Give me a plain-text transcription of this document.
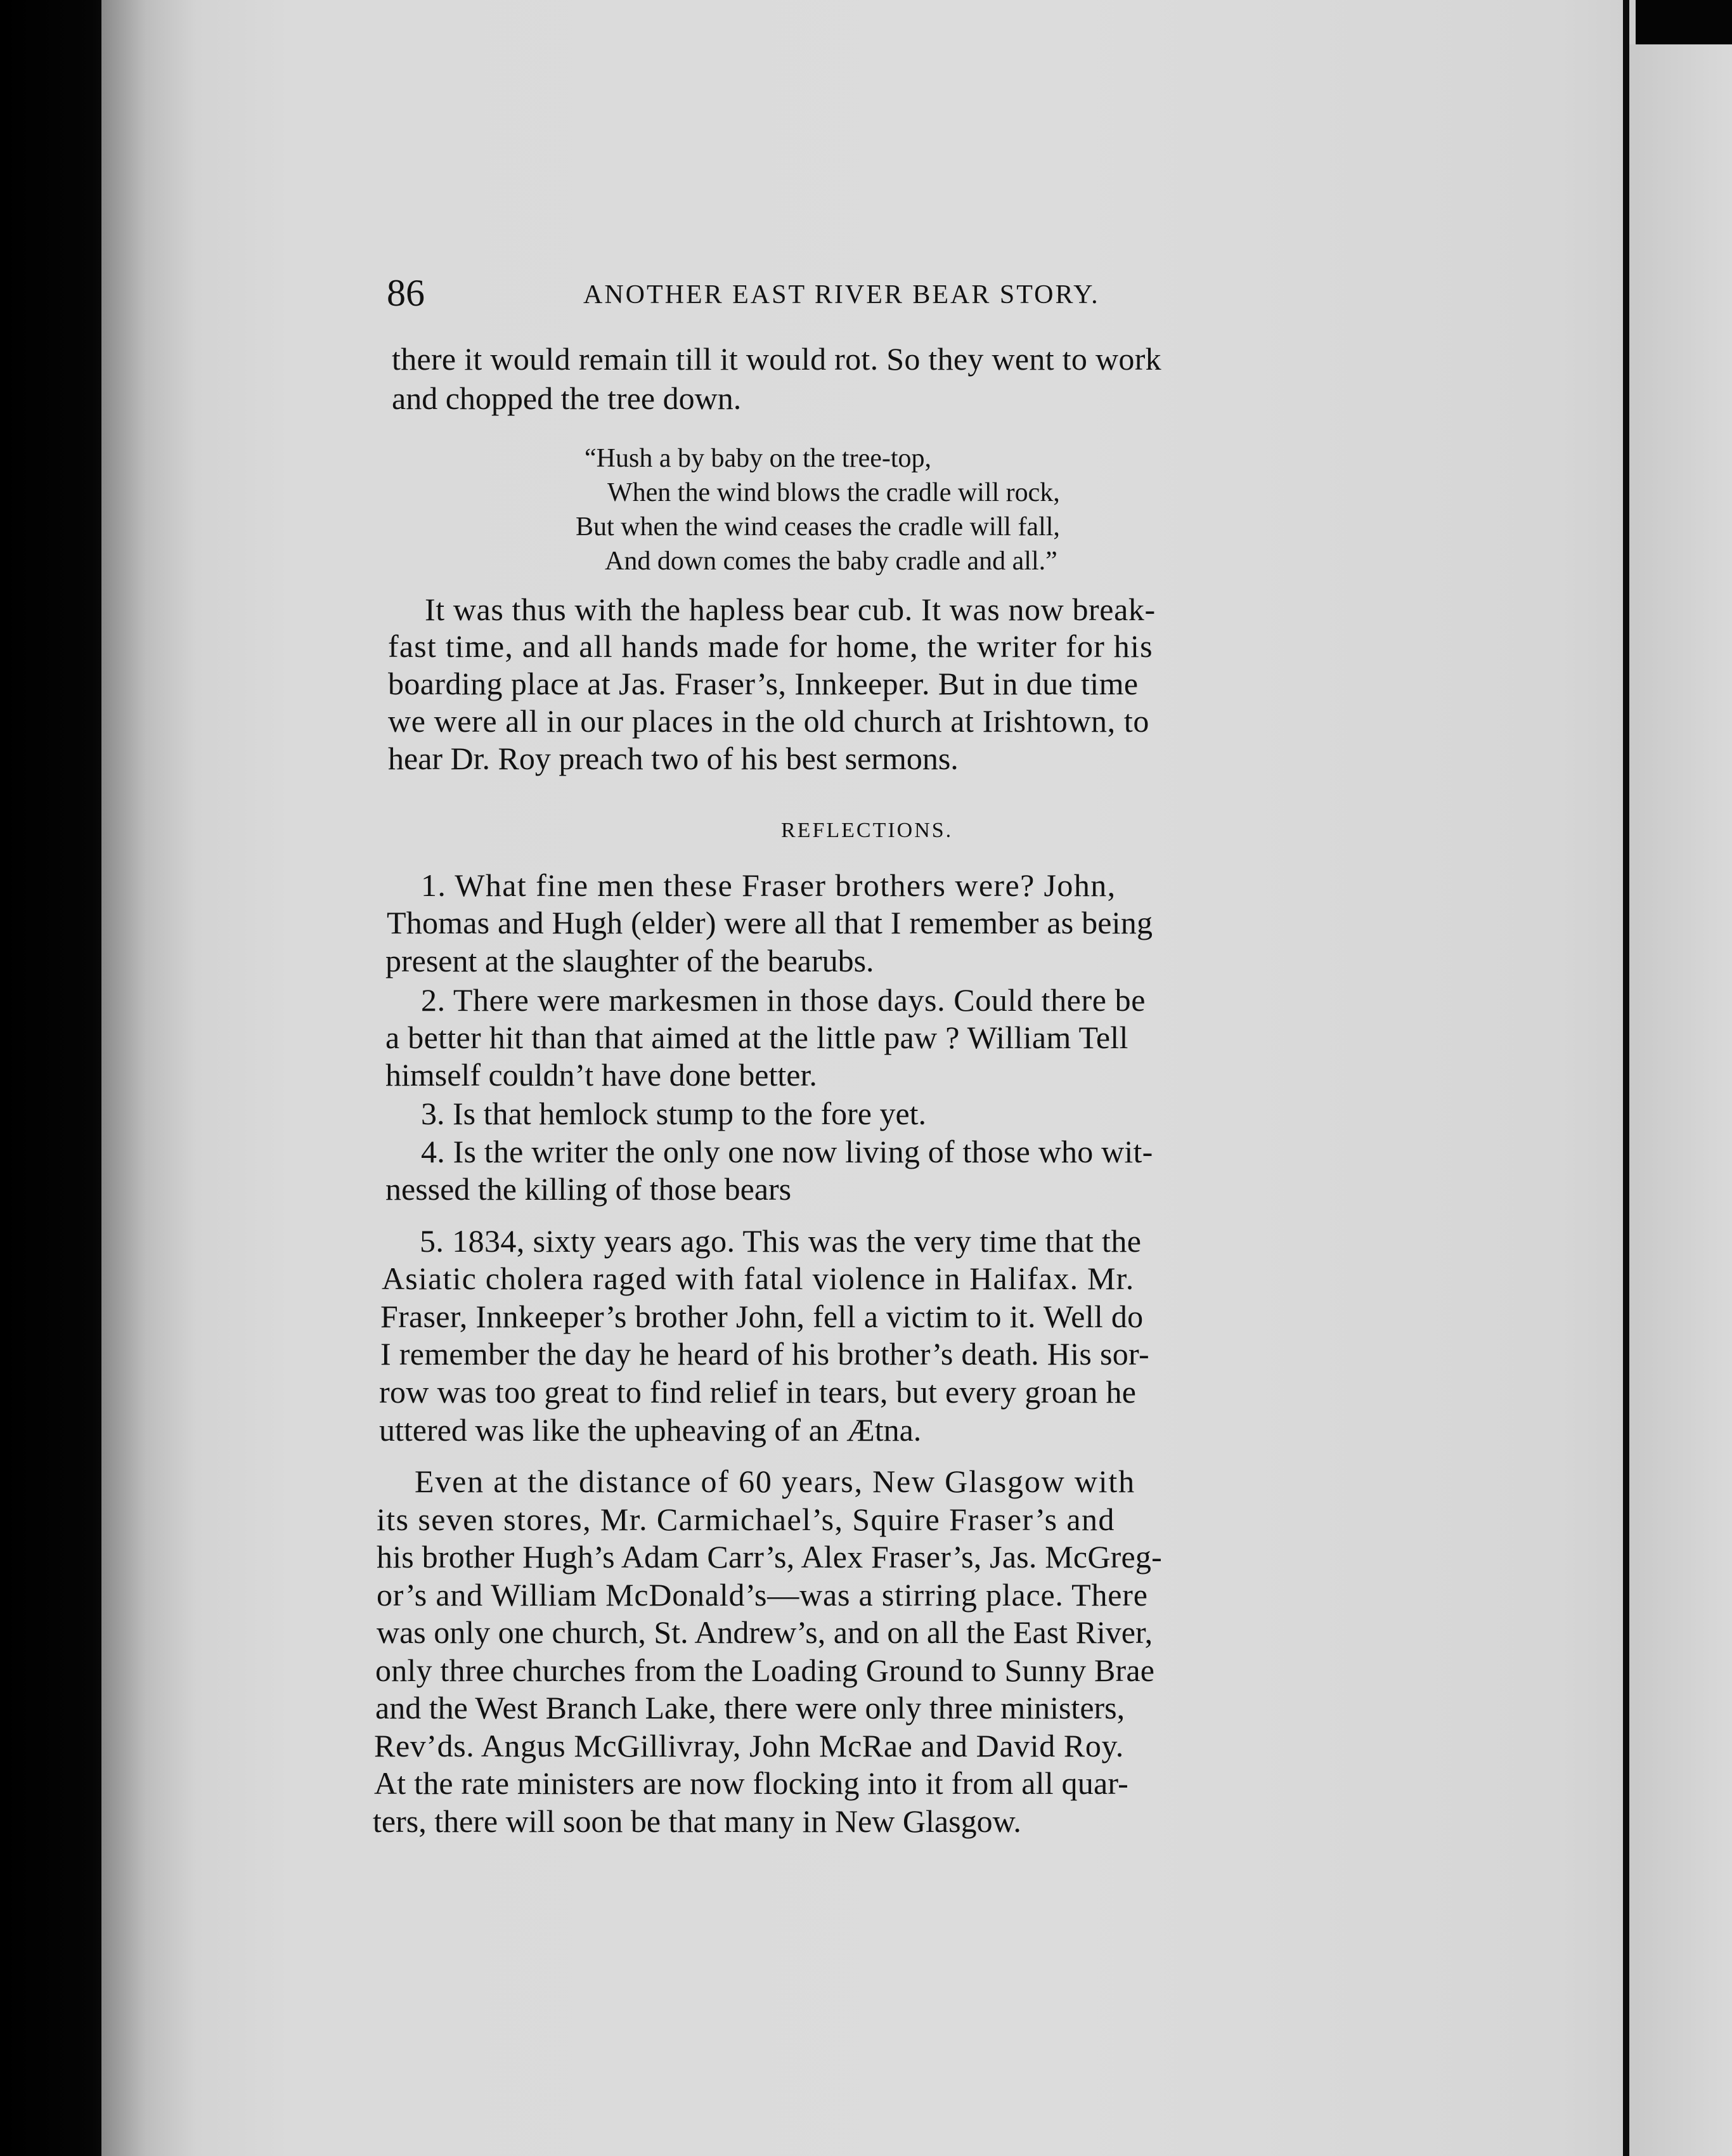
86	ANOTHER EAST RIVER BEAR STORY.
there it would remain till it would rot. So they went to work
and chopped the tree down.
“Hush a by baby on the tree-top,
When the wind blows the cradle will rock,
But when the wind ceases the cradle will fall,
And down comes the baby cradle and all.”
It was thus with the hapless bear cub. It was now break-
fast time, and all hands made for home, the writer for his
boarding place at Jas. Fraser’s, Innkeeper. But in due time
we were all in our places in the old church at Irishtown, to
hear Dr. Roy preach two of his best sermons.
REFLECTIONS.
1. What fine men these Fraser brothers were? John,
Thomas and Hugh (elder) were all that I remember as being
present at the slaughter of the bearubs.
2. There were markesmen in those days. Could there be
a better hit than that aimed at the little paw ? William Tell
himself couldn’t have done better.
3. Is that hemlock stump to the fore yet.
4. Is the writer the only one now living of those who wit-
nessed the killing of those bears
5. 1834, sixty years ago. This was the very time that the
Asiatic cholera raged with fatal violence in Halifax. Mr.
Fraser, Innkeeper’s brother John, fell a victim to it. Well do
I remember the day he heard of his brother’s death. His sor-
row was too great to find relief in tears, but every groan he
uttered was like the upheaving of an Ætna.
Even at the distance of 60 years, New Glasgow with
its seven stores, Mr. Carmichael’s, Squire Fraser’s and
his brother Hugh’s Adam Carr’s, Alex Fraser’s, Jas. McGreg-
or’s and William McDonald’s—was a stirring place. There
was only one church, St. Andrew’s, and on all the East River,
only three churches from the Loading Ground to Sunny Brae
and the West Branch Lake, there were only three ministers,
Rev’ds. Angus McGillivray, John McRae and David Roy.
At the rate ministers are now flocking into it from all quar-
ters, there will soon be that many in New Glasgow.
